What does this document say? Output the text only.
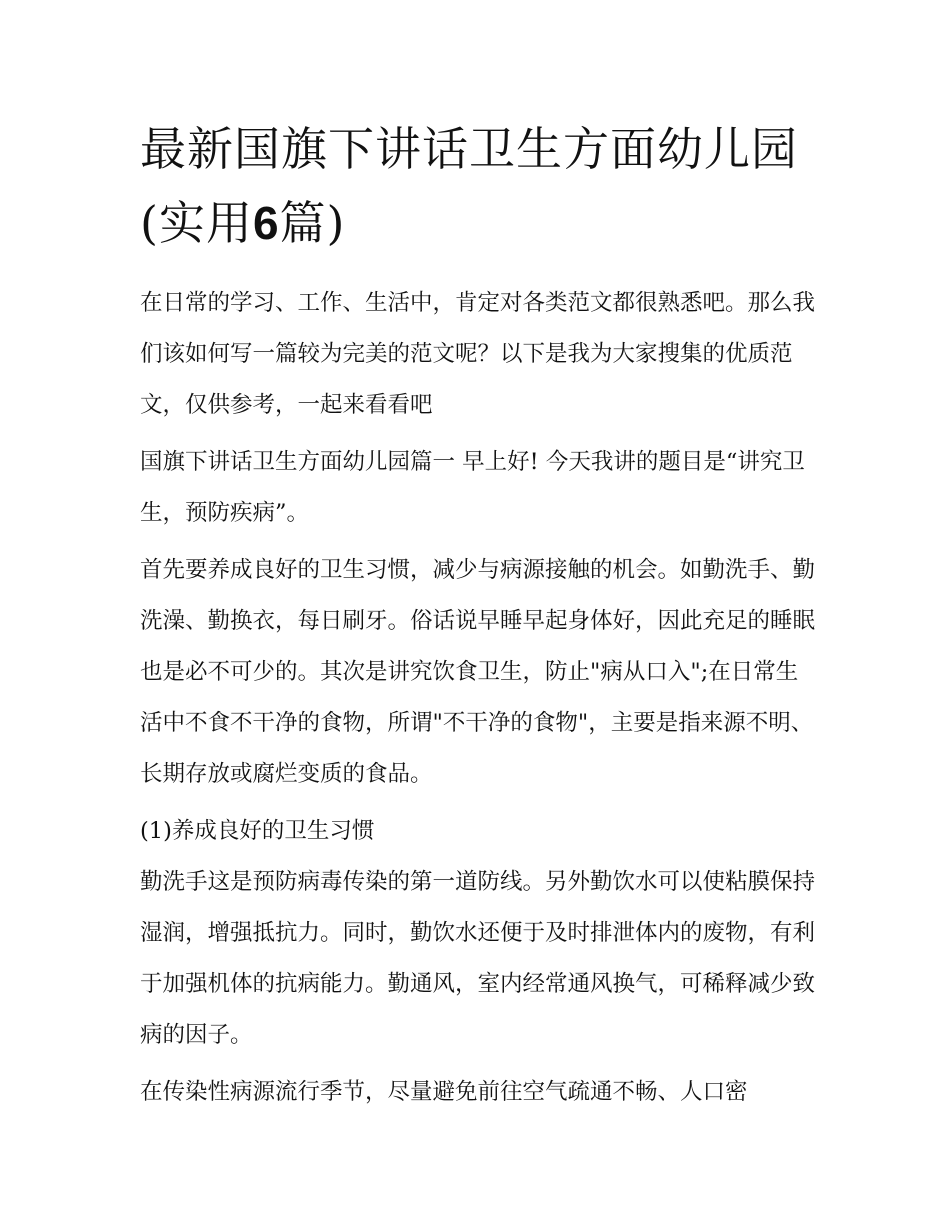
最新国旗下讲话卫生方面幼儿园(实用6篇)

在日常的学习、工作、生活中，肯定对各类范文都很熟悉吧。那么我们该如何写一篇较为完美的范文呢？以下是我为大家搜集的优质范文，仅供参考，一起来看看吧

国旗下讲话卫生方面幼儿园篇一 早上好! 今天我讲的题目是“讲究卫生，预防疾病”。

首先要养成良好的卫生习惯，减少与病源接触的机会。如勤洗手、勤洗澡、勤换衣，每日刷牙。俗话说早睡早起身体好，因此充足的睡眠也是必不可少的。其次是讲究饮食卫生，防止"病从口入";在日常生活中不食不干净的食物，所谓"不干净的食物"，主要是指来源不明、长期存放或腐烂变质的食品。

(1)养成良好的卫生习惯

勤洗手这是预防病毒传染的第一道防线。另外勤饮水可以使粘膜保持湿润，增强抵抗力。同时，勤饮水还便于及时排泄体内的废物，有利于加强机体的抗病能力。勤通风，室内经常通风换气，可稀释减少致病的因子。

在传染性病源流行季节，尽量避免前往空气疏通不畅、人口密
